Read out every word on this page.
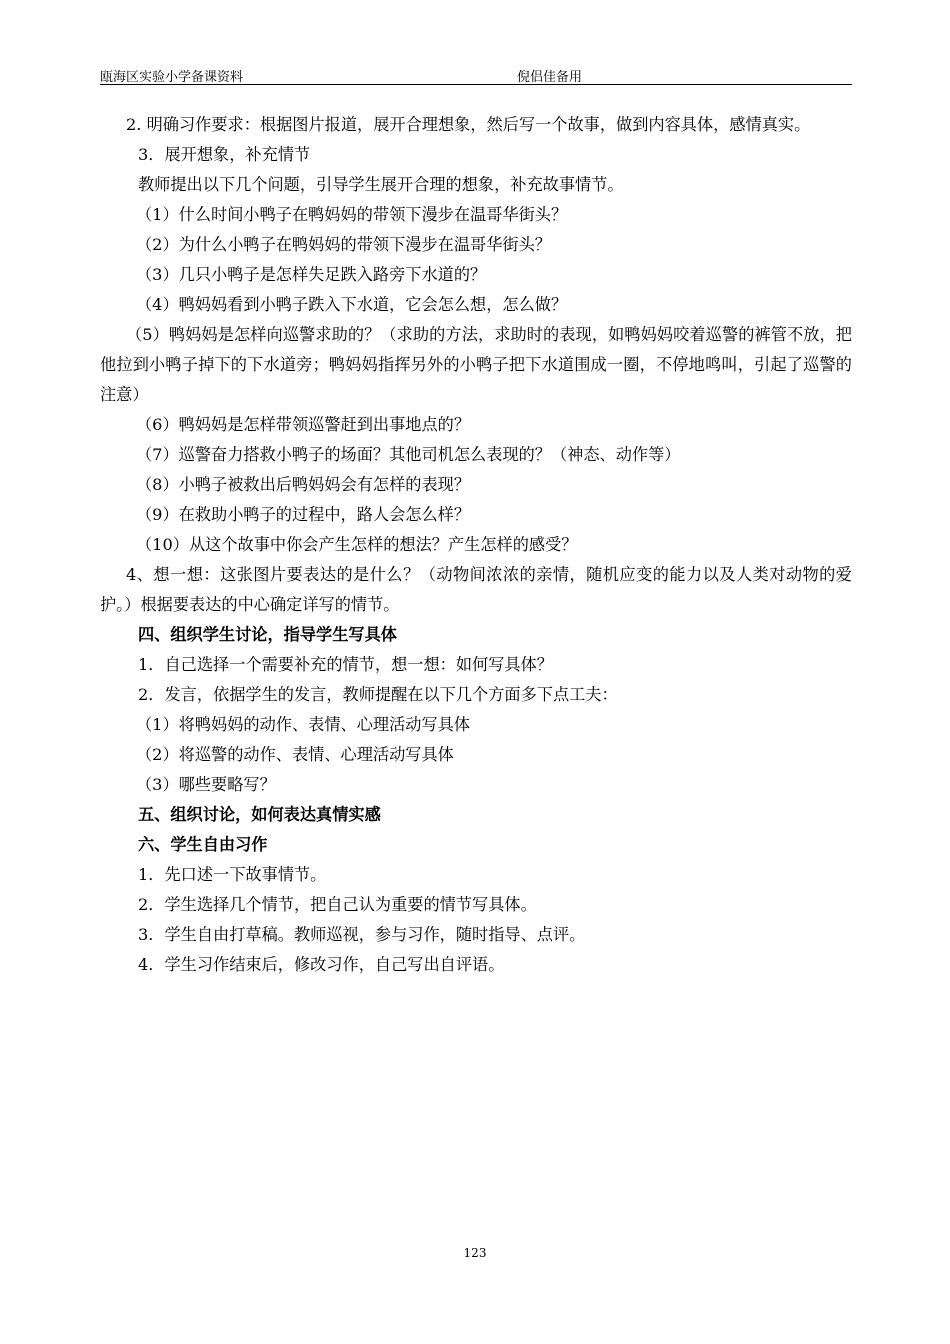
瓯海区实验小学备课资料	倪侣佳备用

2. 明确习作要求：根据图片报道，展开合理想象，然后写一个故事，做到内容具体，感情真实。

3．展开想象，补充情节

教师提出以下几个问题，引导学生展开合理的想象，补充故事情节。

（1）什么时间小鸭子在鸭妈妈的带领下漫步在温哥华街头？

（2）为什么小鸭子在鸭妈妈的带领下漫步在温哥华街头？

（3）几只小鸭子是怎样失足跌入路旁下水道的？

（4）鸭妈妈看到小鸭子跌入下水道，它会怎么想，怎么做？

（5）鸭妈妈是怎样向巡警求助的？（求助的方法，求助时的表现，如鸭妈妈咬着巡警的裤管不放，把他拉到小鸭子掉下的下水道旁；鸭妈妈指挥另外的小鸭子把下水道围成一圈，不停地鸣叫，引起了巡警的注意）

（6）鸭妈妈是怎样带领巡警赶到出事地点的？

（7）巡警奋力搭救小鸭子的场面？其他司机怎么表现的？（神态、动作等）

（8）小鸭子被救出后鸭妈妈会有怎样的表现？

（9）在救助小鸭子的过程中，路人会怎么样？

（10）从这个故事中你会产生怎样的想法？产生怎样的感受？

4、想一想：这张图片要表达的是什么？（动物间浓浓的亲情，随机应变的能力以及人类对动物的爱护。）根据要表达的中心确定详写的情节。

四、组织学生讨论，指导学生写具体

1．自己选择一个需要补充的情节，想一想：如何写具体？

2．发言，依据学生的发言，教师提醒在以下几个方面多下点工夫：

（1）将鸭妈妈的动作、表情、心理活动写具体

（2）将巡警的动作、表情、心理活动写具体

（3）哪些要略写？

五、组织讨论，如何表达真情实感

六、学生自由习作

1．先口述一下故事情节。

2．学生选择几个情节，把自己认为重要的情节写具体。

3．学生自由打草稿。教师巡视，参与习作，随时指导、点评。

4．学生习作结束后，修改习作，自己写出自评语。

123
